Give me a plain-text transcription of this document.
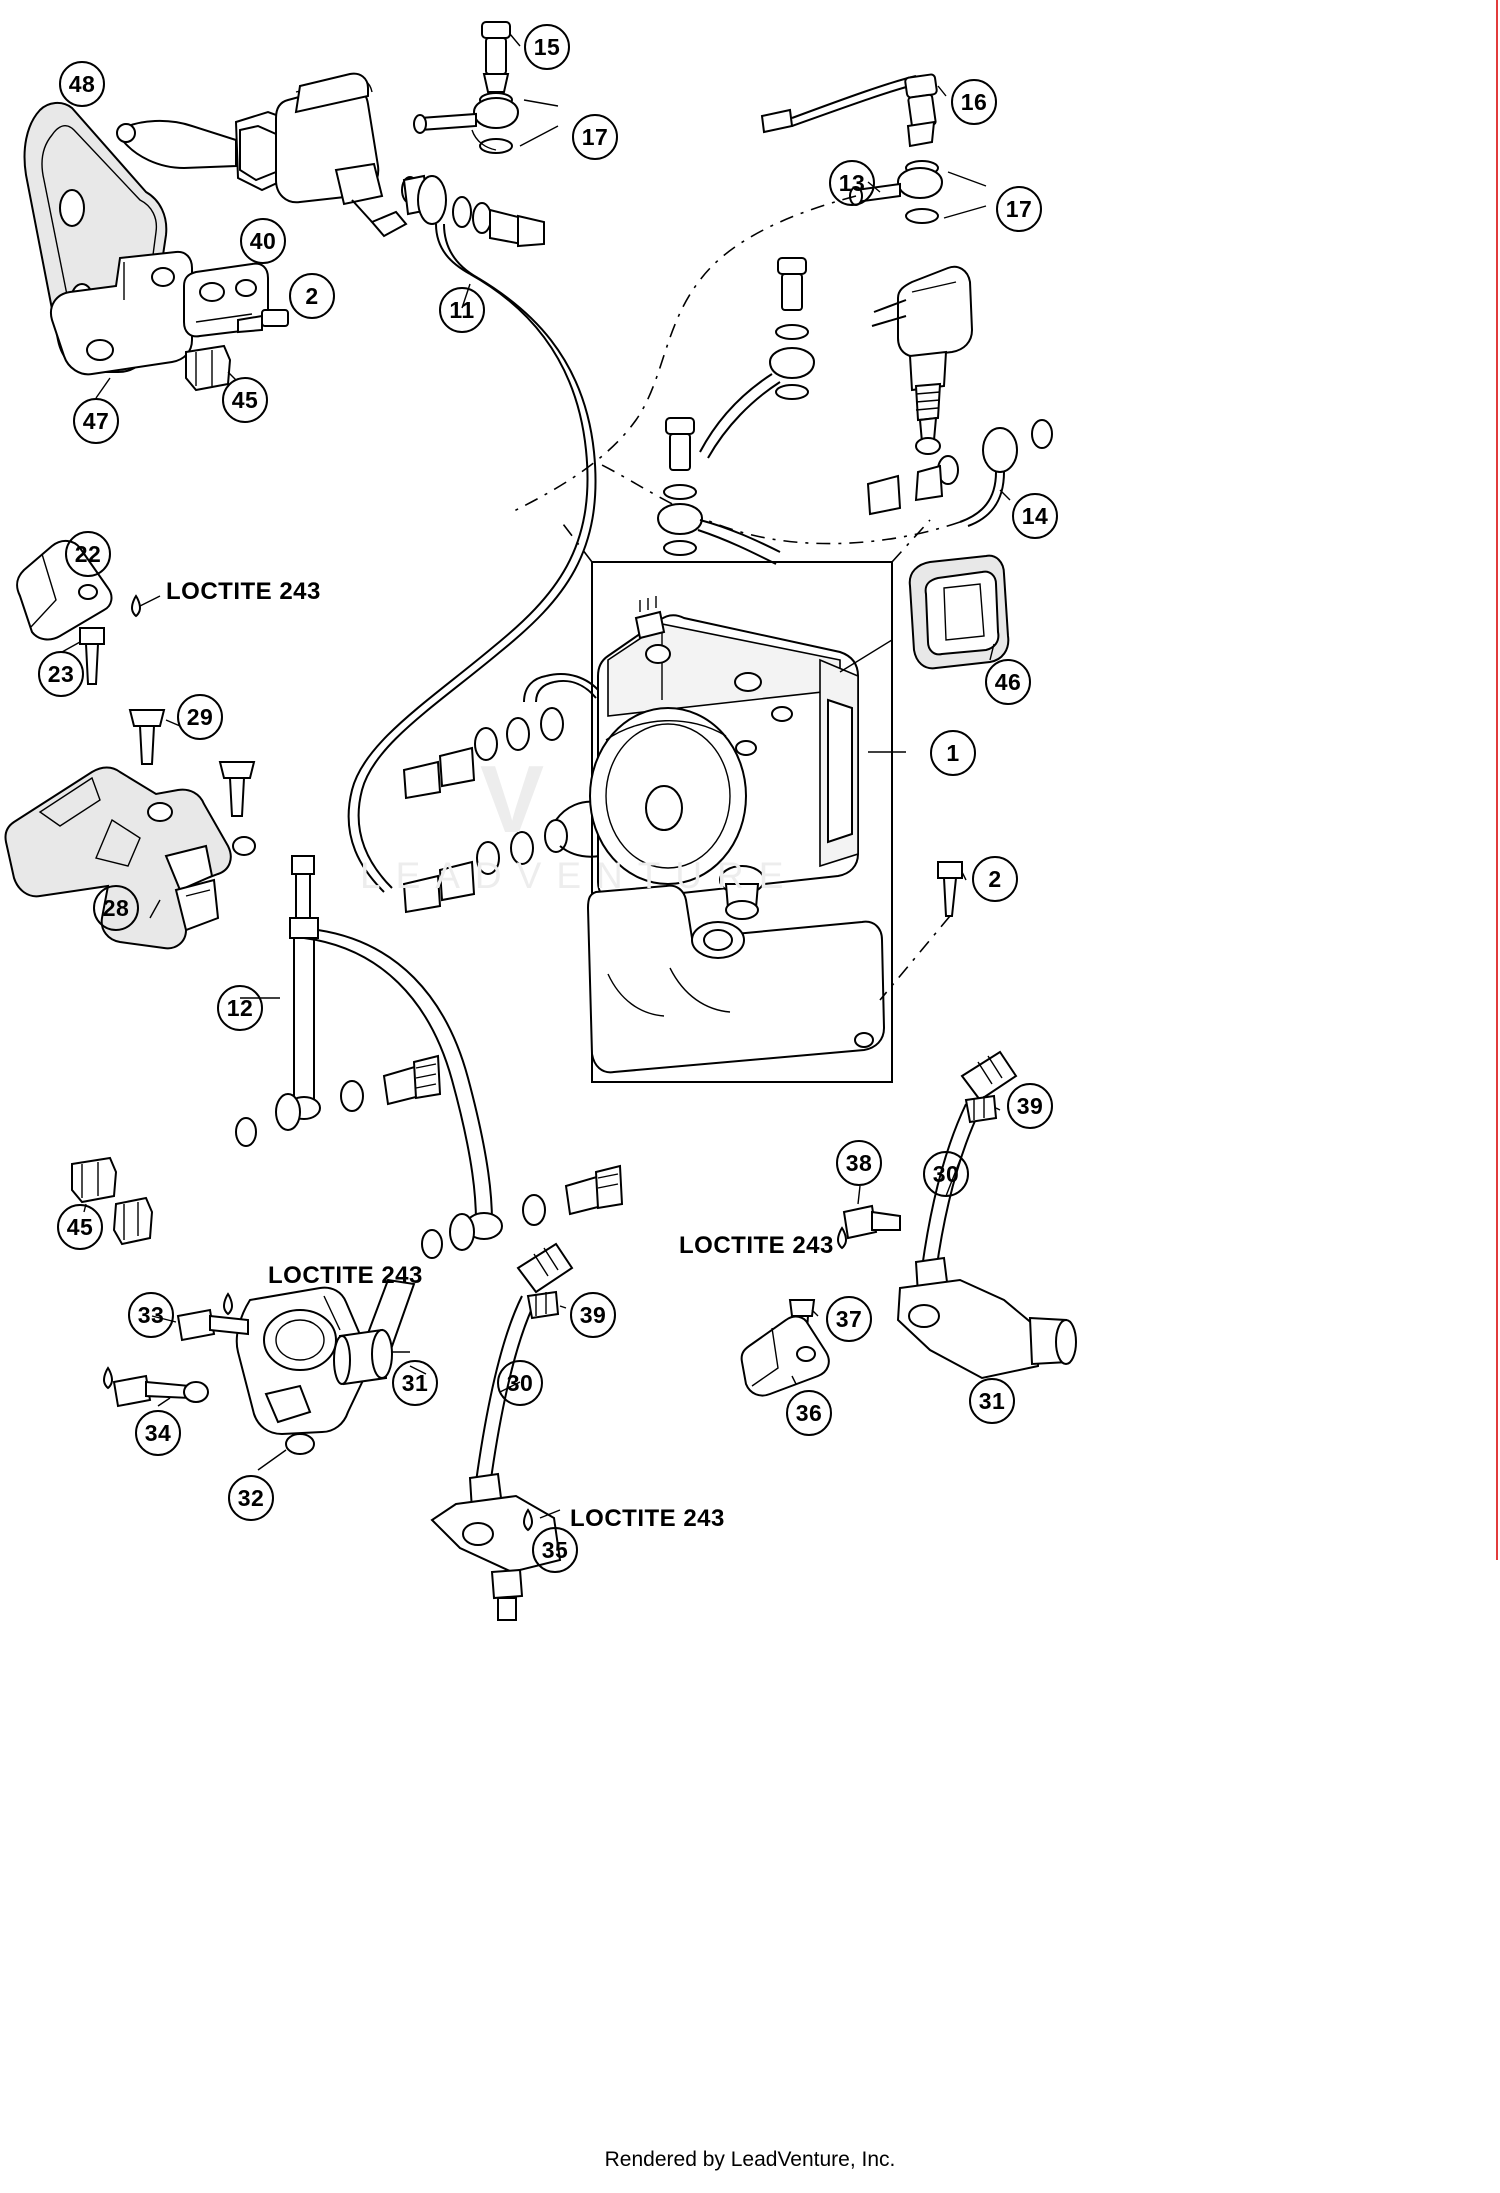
V
LEADVENTURE
LOCTITE 243
LOCTITE 243
LOCTITE 243
LOCTITE 243
48
15
17
16
13
17
40
2
11
45
47
14
22
23	46
29
1
2
28
12
39
38	30
45
33	39	37
31	30
34
36	31
32
35
Rendered by LeadVenture, Inc.
